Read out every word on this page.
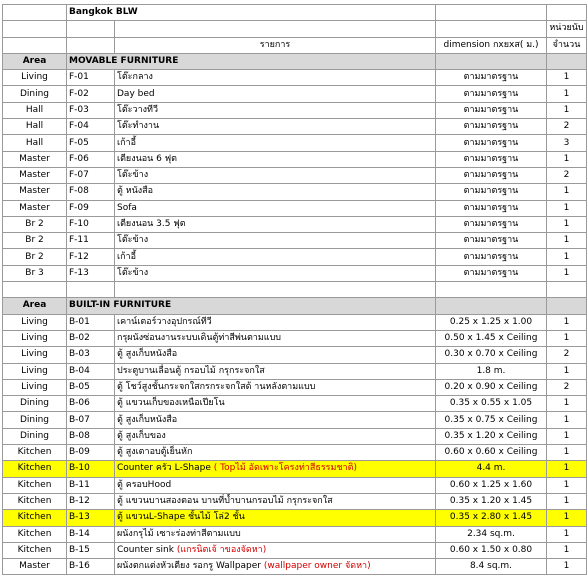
	Bangkok BLW			
				หน่วยนับ
		รายการ	dimension กxยxส( ม.)	จำนวน
Area	MOVABLE FURNITURE			
Living	F-01	โต๊ะกลาง	ตามมาตรฐาน	1
Dining	F-02	Day bed	ตามมาตรฐาน	1
Hall	F-03	โต๊ะวางทีวี	ตามมาตรฐาน	1
Hall	F-04	โต๊ะทำงาน	ตามมาตรฐาน	2
Hall	F-05	เก้าอี้	ตามมาตรฐาน	3
Master	F-06	เตียงนอน 6 ฟุต	ตามมาตรฐาน	1
Master	F-07	โต๊ะข้าง	ตามมาตรฐาน	2
Master	F-08	ตู้ หนังสือ	ตามมาตรฐาน	1
Master	F-09	Sofa	ตามมาตรฐาน	1
Br 2	F-10	เตียงนอน 3.5 ฟุต	ตามมาตรฐาน	1
Br 2	F-11	โต๊ะข้าง	ตามมาตรฐาน	1
Br 2	F-12	เก้าอี้	ตามมาตรฐาน	1
Br 3	F-13	โต๊ะข้าง	ตามมาตรฐาน	1

Area	BUILT-IN FURNITURE			
Living	B-01	เคาน์เตอร์วางอุปกรณ์ทีวี	0.25 x 1.25 x 1.00	1
Living	B-02	กรุผนังซ่อนงานระบบเดินตู้ท่าสีพ่นตามแบบ	0.50 x 1.45 x Ceiling	1
Living	B-03	ตู้ สูงเก็บหนังสือ	0.30 x 0.70 x Ceiling	2
Living	B-04	ประตูบานเลื่อนตู้ กรอบไม้ กรุกระจกใส	1.8 m.	1
Living	B-05	ตู้ โชว์สูงชั้นกระจกใสกรกระจกใสด้ านหลังตามแบบ	0.20 x 0.90 x Ceiling	2
Dining	B-06	ตู้ แขวนเก็บของเหนือเปียโน	0.35 x 0.55 x 1.05	1
Dining	B-07	ตู้ สูงเก็บหนังสือ	0.35 x 0.75 x Ceiling	1
Dining	B-08	ตู้ สูงเก็บของ	0.35 x 1.20 x Ceiling	1
Kitchen	B-09	ตู้ สูงเตาอบตู้เย็นหัก	0.60 x 0.60 x Ceiling	1
Kitchen	B-10	Counter ครัว L-Shape ( Topไม้ อัดเพาะโครงท่าสีธรรมชาติ)	4.4 m.	1
Kitchen	B-11	ตู้ ครอบHood	0.60 x 1.25 x 1.60	1
Kitchen	B-12	ตู้ แขวนบานสองตอน บานที่บ้ำบานกรอบไม้ กรุกระจกใส	0.35 x 1.20 x 1.45	1
Kitchen	B-13	ตู้ แขวนL-Shape ชั้นไม้ โล่2 ชั้น	0.35 x 2.80 x 1.45	1
Kitchen	B-14	ผนังกรุไม้ เซาะร่องท่าสีตามแบบ	2.34 sq.m.	1
Kitchen	B-15	Counter sink (แกรนิตเจ้ าของจัดหา)	0.60 x 1.50 x 0.80	1
Master	B-16	ผนังตกแต่งหัวเตียง รอกรู Wallpaper (wallpaper owner จัดหา)	8.4 sq.m.	1
